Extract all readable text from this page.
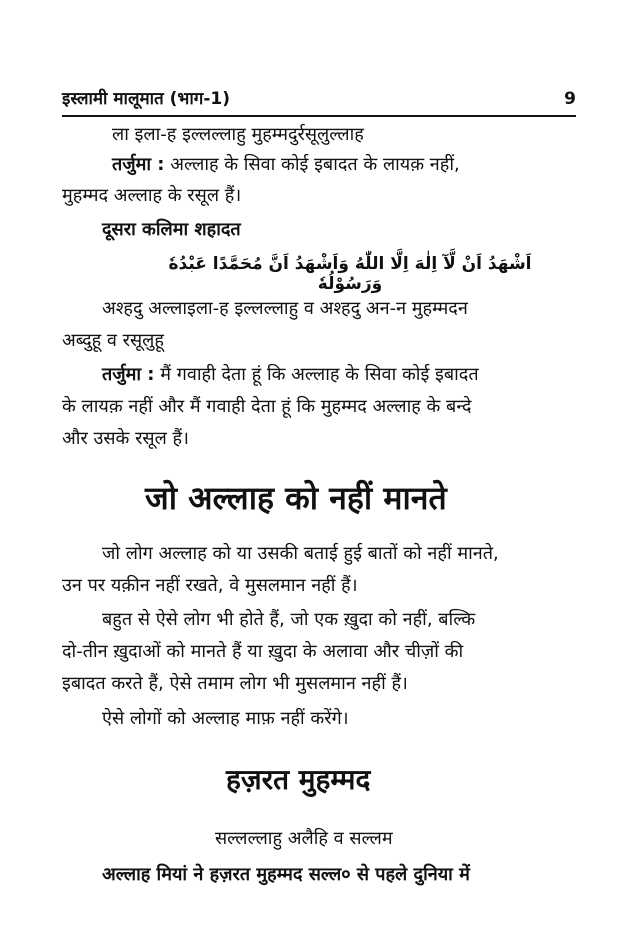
इस्लामी मालूमात (भाग-1)	9
ला इला-ह इल्लल्लाहु मुहम्मदुर्रसूलुल्लाह
तर्जुमा : अल्लाह के सिवा कोई इबादत के लायक़ नहीं,
मुहम्मद अल्लाह के रसूल हैं।
दूसरा कलिमा शहादत
اَشْهَدُ اَنْ لَّآ اِلٰهَ اِلَّا اللّٰهُ وَاَشْهَدُ اَنَّ مُحَمَّدًا عَبْدُهٗ وَرَسُوْلُهٗ
अश्हदु अल्लाइला-ह इल्लल्लाहु व अश्हदु अन-न मुहम्मदन
अब्दुहू व रसूलुहू
तर्जुमा : मैं गवाही देता हूं कि अल्लाह के सिवा कोई इबादत
के लायक़ नहीं और मैं गवाही देता हूं कि मुहम्मद अल्लाह के बन्दे
और उसके रसूल हैं।
जो अल्लाह को नहीं मानते
जो लोग अल्लाह को या उसकी बताई हुई बातों को नहीं मानते,
उन पर यक़ीन नहीं रखते, वे मुसलमान नहीं हैं।
बहुत से ऐसे लोग भी होते हैं, जो एक ख़ुदा को नहीं, बल्कि
दो-तीन ख़ुदाओं को मानते हैं या ख़ुदा के अलावा और चीज़ों की
इबादत करते हैं, ऐसे तमाम लोग भी मुसलमान नहीं हैं।
ऐसे लोगों को अल्लाह माफ़ नहीं करेंगे।
हज़रत मुहम्मद
सल्लल्लाहु अलैहि व सल्लम
अल्लाह मियां ने हज़रत मुहम्मद सल्ल० से पहले दुनिया में
